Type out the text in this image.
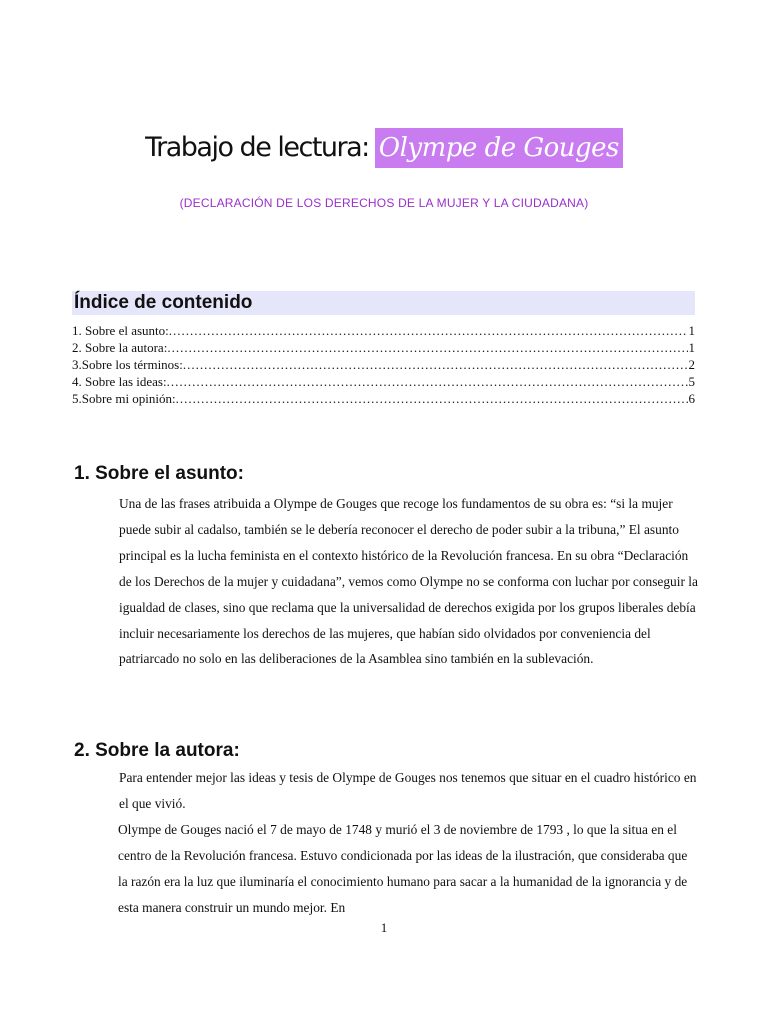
Trabajo de lectura: Olympe de Gouges
(DECLARACIÓN DE LOS DERECHOS DE LA MUJER Y LA CIUDADANA)
Índice de contenido
1. Sobre el asunto: .....	1
2. Sobre la autora: .....	1
3.Sobre los términos: .....	2
4. Sobre las ideas: .....	5
5.Sobre mi opinión: .....	6
1. Sobre el asunto:

Una de las frases atribuida a Olympe de Gouges que recoge los fundamentos de su obra es: “si la mujer puede subir al cadalso, también se le debería reconocer el derecho de poder subir a la tribuna,” El asunto principal es la lucha feminista en el contexto histórico de la Revolución francesa. En su obra “Declaración de los Derechos de la mujer y cuidadana”, vemos como Olympe no se conforma con luchar por conseguir la igualdad de clases, sino que reclama que la universalidad de derechos exigida por los grupos liberales debía incluir necesariamente los derechos de las mujeres, que habían sido olvidados por conveniencia del patriarcado no solo en las deliberaciones de la Asamblea sino también en la sublevación.

2. Sobre la autora:

Para entender mejor las ideas y tesis de Olympe de Gouges nos tenemos que situar en el cuadro histórico en el que vivió.

Olympe de Gouges nació el 7 de mayo de 1748 y murió el 3 de noviembre de 1793 , lo que la situa en el centro de la Revolución francesa. Estuvo condicionada por las ideas de la ilustración, que consideraba que la razón era la luz que iluminaría el conocimiento humano para sacar a la humanidad de la ignorancia y de esta manera construir un mundo mejor. En

1
